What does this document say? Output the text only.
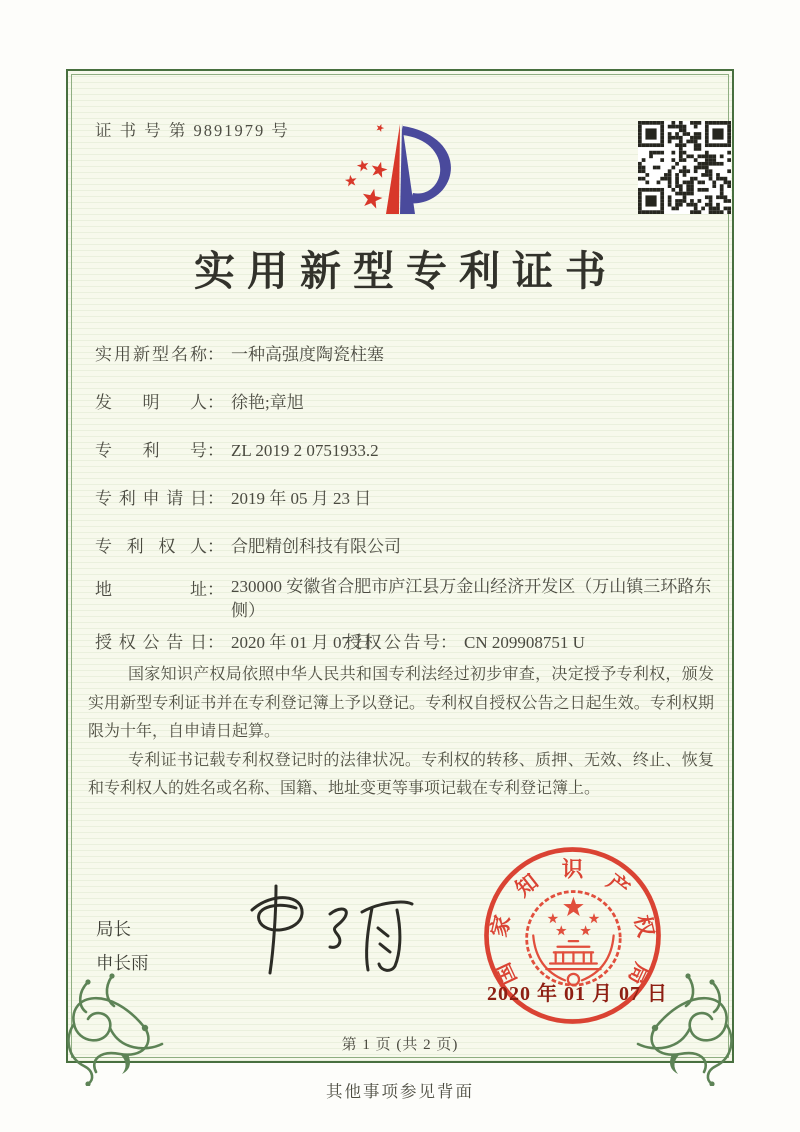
证 书 号 第 9891979 号
实用新型专利证书
实用新型名称： 一种高强度陶瓷柱塞
发明人： 徐艳;章旭
专利号： ZL 2019 2 0751933.2
专利申请日： 2019 年 05 月 23 日
专利权人： 合肥精创科技有限公司
地址： 230000 安徽省合肥市庐江县万金山经济开发区（万山镇三环路东侧）
授权公告日： 2020 年 01 月 07 日
授权公告号： CN 209908751 U

国家知识产权局依照中华人民共和国专利法经过初步审查，决定授予专利权，颁发实用新型专利证书并在专利登记簿上予以登记。专利权自授权公告之日起生效。专利权期限为十年，自申请日起算。

专利证书记载专利权登记时的法律状况。专利权的转移、质押、无效、终止、恢复和专利权人的姓名或名称、国籍、地址变更等事项记载在专利登记簿上。

局长
申长雨	国
家
知 识 产
权
局
2020 年 01 月 07 日
第 1 页 (共 2 页)
其他事项参见背面
